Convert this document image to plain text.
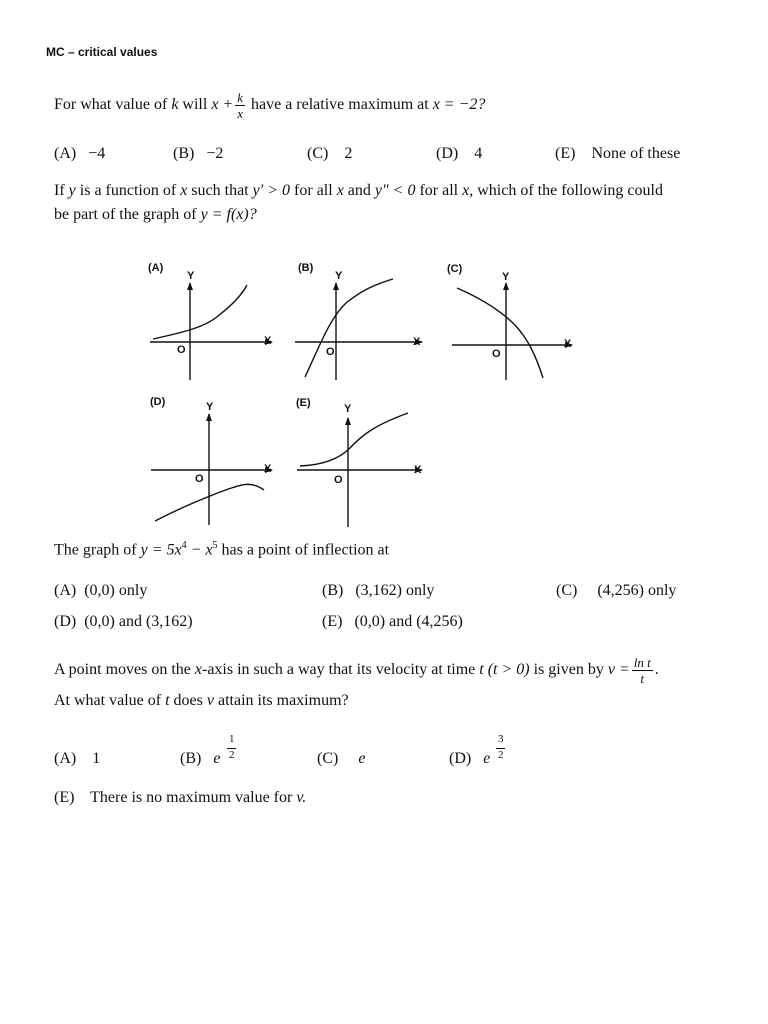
MC – critical values
For what value of k will $x + \frac{k}{x}$ have a relative maximum at x = −2?
(A) −4	(B) −2	(C) 2	(D) 4	(E) None of these
If y is a function of x such that y′ > 0 for all x and y″ < 0 for all x, which of the following could
be part of the graph of y = f(x)?
(A)
Y
X
O
(B)
Y
X
O
(C)
Y
X
O
(D)	Y
X
O
(E)	Y
X
O
The graph of $y = 5x^4 - x^5$ has a point of inflection at
(A) (0,0) only	(B) (3,162) only	(C) (4,256) only
(D) (0,0) and (3,162)	(E) (0,0) and (4,256)
A point moves on the x-axis in such a way that its velocity at time t (t > 0) is given by $v = \frac{\text{ln t}}{t}$ .
At what value of t does v attain its maximum?
(A) 1	(B) e
1
2	(C) e	(D) e
3
2
(E) There is no maximum value for v.
